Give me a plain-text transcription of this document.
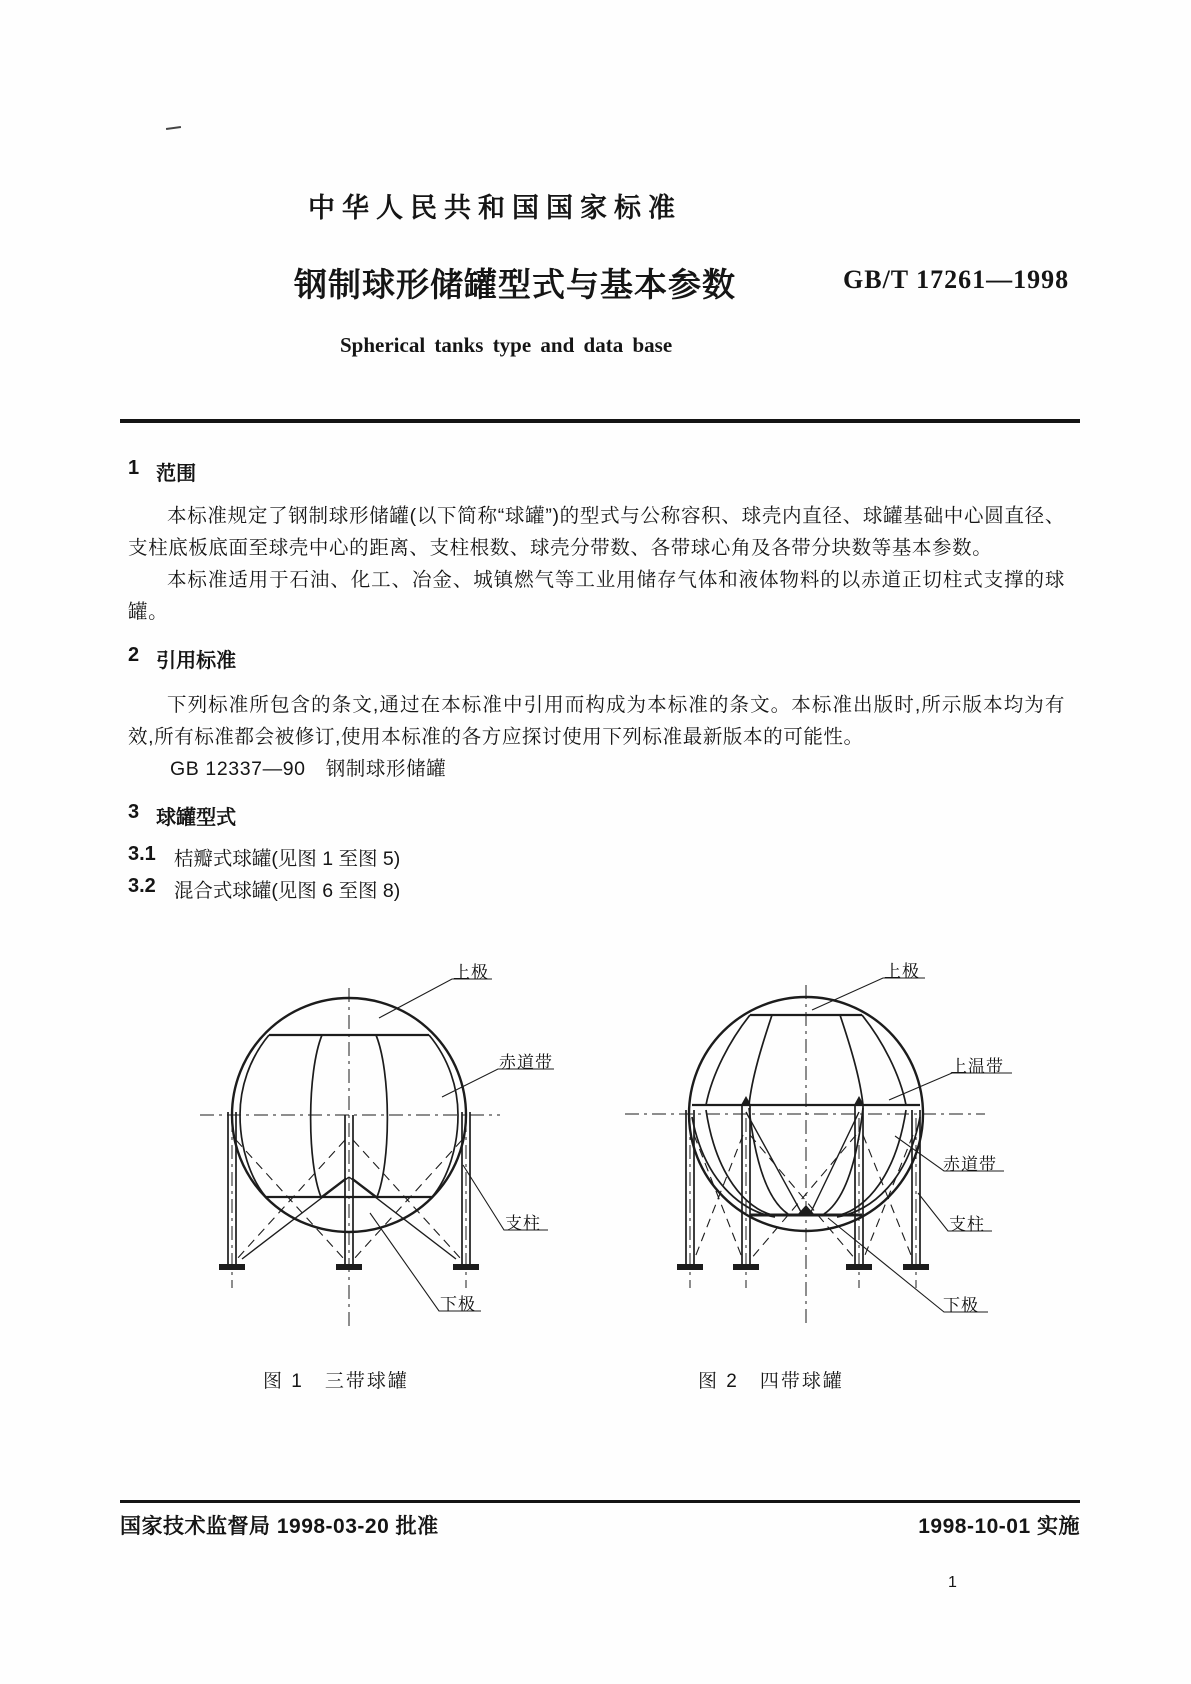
中华人民共和国国家标准
钢制球形储罐型式与基本参数	GB/T 17261—1998
Spherical tanks type and data base
1 范围
本标准规定了钢制球形储罐(以下简称“球罐”)的型式与公称容积、球壳内直径、球罐基础中心圆直径、支柱底板底面至球壳中心的距离、支柱根数、球壳分带数、各带球心角及各带分块数等基本参数。
本标准适用于石油、化工、冶金、城镇燃气等工业用储存气体和液体物料的以赤道正切柱式支撑的球罐。
2 引用标准
下列标准所包含的条文,通过在本标准中引用而构成为本标准的条文。本标准出版时,所示版本均为有效,所有标准都会被修订,使用本标准的各方应探讨使用下列标准最新版本的可能性。
GB 12337—90　钢制球形储罐
3 球罐型式
3.1 桔瓣式球罐(见图 1 至图 5)
3.2 混合式球罐(见图 6 至图 8)
上极
赤道带
支柱
下极
上极
上温带
赤道带
支柱
下极
图 1　三带球罐	图 2　四带球罐
国家技术监督局 1998-03-20 批准	1998-10-01 实施
1
